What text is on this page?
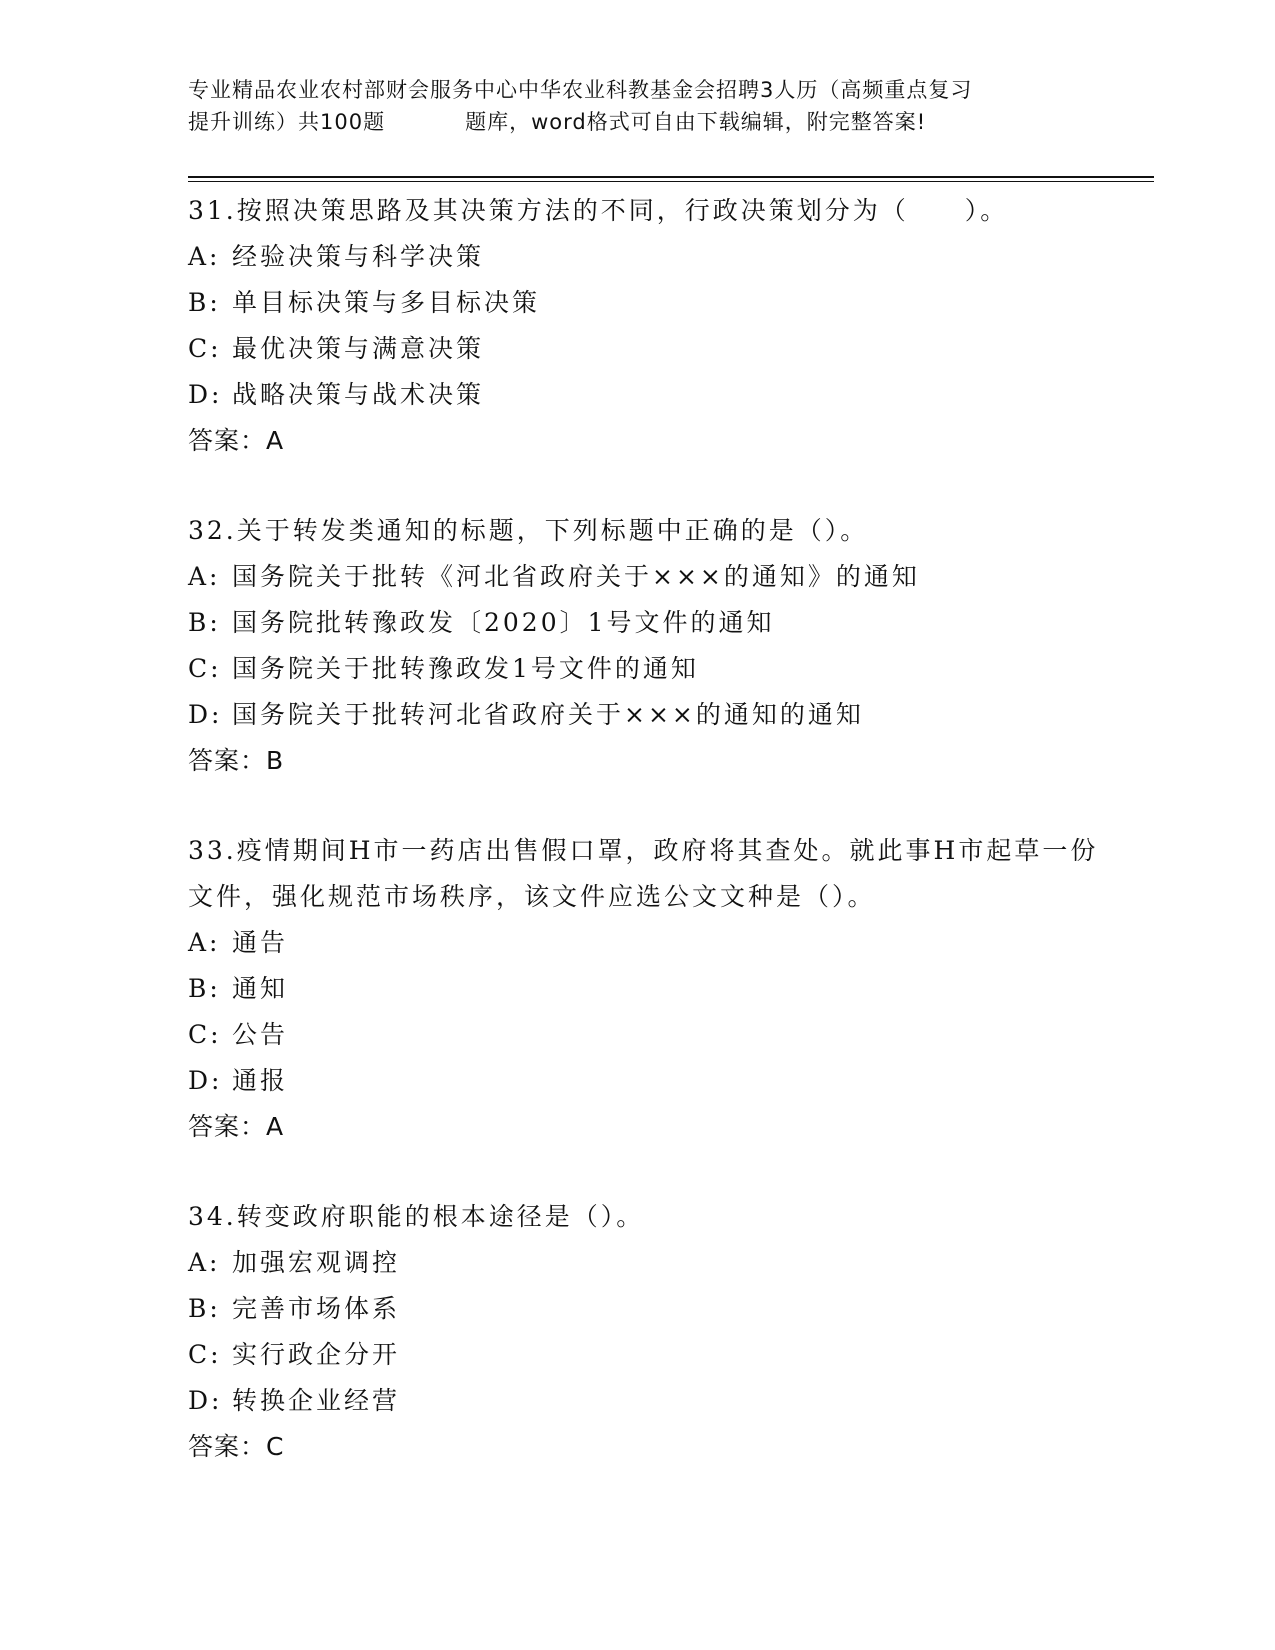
专业精品农业农村部财会服务中心中华农业科教基金会招聘3人历（高频重点复习
提升训练）共100题	题库，word格式可自由下载编辑，附完整答案!
31.按照决策思路及其决策方法的不同，行政决策划分为（　　）。
A: 经验决策与科学决策
B: 单目标决策与多目标决策
C: 最优决策与满意决策
D: 战略决策与战术决策
答案：A
32.关于转发类通知的标题，下列标题中正确的是（）。
A: 国务院关于批转《河北省政府关于×××的通知》的通知
B: 国务院批转豫政发〔2020〕1号文件的通知
C: 国务院关于批转豫政发1号文件的通知
D: 国务院关于批转河北省政府关于×××的通知的通知
答案：B
33.疫情期间H市一药店出售假口罩，政府将其查处。就此事H市起草一份文件，强化规范市场秩序，该文件应选公文文种是（）。
A: 通告
B: 通知
C: 公告
D: 通报
答案：A
34.转变政府职能的根本途径是（）。
A: 加强宏观调控
B: 完善市场体系
C: 实行政企分开
D: 转换企业经营
答案：C
